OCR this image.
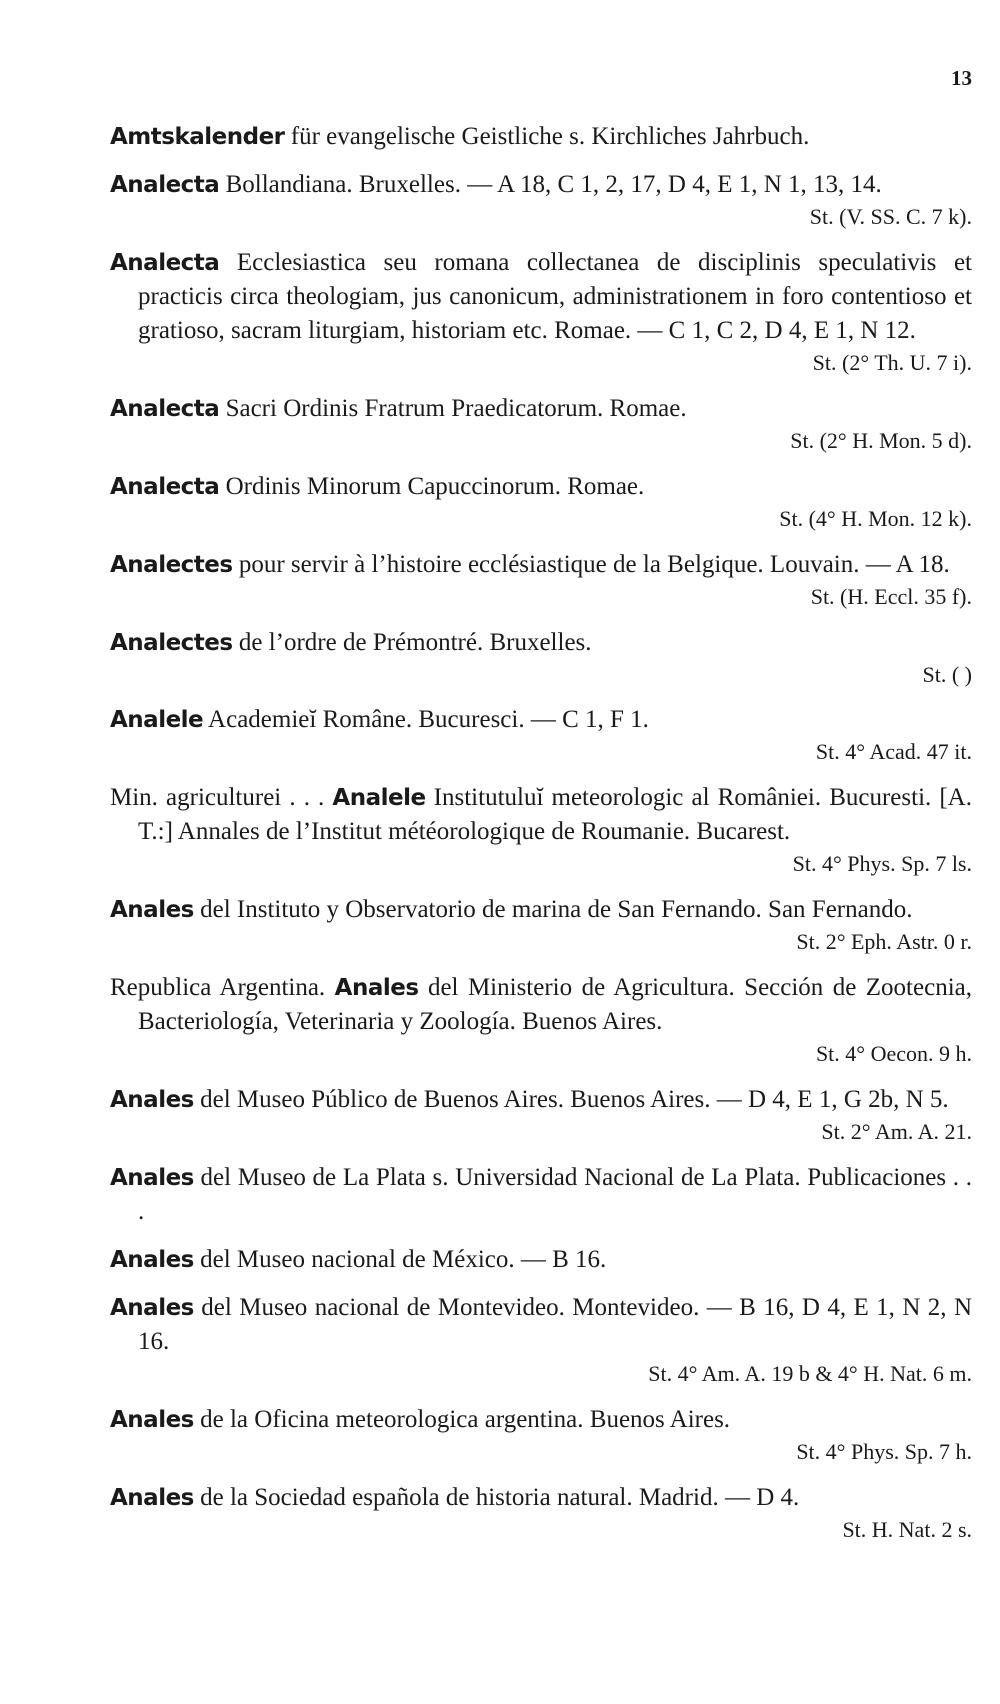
13
Amtskalender für evangelische Geistliche s. Kirchliches Jahrbuch.
Analecta Bollandiana. Bruxelles. — A 18, C 1, 2, 17, D 4, E 1, N 1, 13, 14.
St. (V. SS. C. 7 k).
Analecta Ecclesiastica seu romana collectanea de disciplinis speculativis et practicis circa theologiam, jus canonicum, administrationem in foro contentioso et gratioso, sacram liturgiam, historiam etc. Romae. — C 1, C 2, D 4, E 1, N 12.
St. (2° Th. U. 7 i).
Analecta Sacri Ordinis Fratrum Praedicatorum. Romae.
St. (2° H. Mon. 5 d).
Analecta Ordinis Minorum Capuccinorum. Romae.
St. (4° H. Mon. 12 k).
Analectes pour servir à l’histoire ecclésiastique de la Belgique. Louvain. — A 18.
St. (H. Eccl. 35 f).
Analectes de l’ordre de Prémontré. Bruxelles.
St. ( )
Analele Academieĭ Române. Bucuresci. — C 1, F 1.
St. 4° Acad. 47 it.
Min. agriculturei . . . Analele Institutuluĭ meteorologic al României. Bucuresti. [A. T.:] Annales de l’Institut météorologique de Roumanie. Bucarest.
St. 4° Phys. Sp. 7 ls.
Anales del Instituto y Observatorio de marina de San Fernando. San Fernando.
St. 2° Eph. Astr. 0 r.
Republica Argentina. Anales del Ministerio de Agricultura. Sección de Zootecnia, Bacteriología, Veterinaria y Zoología. Buenos Aires.
St. 4° Oecon. 9 h.
Anales del Museo Público de Buenos Aires. Buenos Aires. — D 4, E 1, G 2b, N 5.
St. 2° Am. A. 21.
Anales del Museo de La Plata s. Universidad Nacional de La Plata. Publicaciones . . .
Anales del Museo nacional de México. — B 16.
Anales del Museo nacional de Montevideo. Montevideo. — B 16, D 4, E 1, N 2, N 16.
St. 4° Am. A. 19 b & 4° H. Nat. 6 m.
Anales de la Oficina meteorologica argentina. Buenos Aires.
St. 4° Phys. Sp. 7 h.
Anales de la Sociedad española de historia natural. Madrid. — D 4.
St. H. Nat. 2 s.
